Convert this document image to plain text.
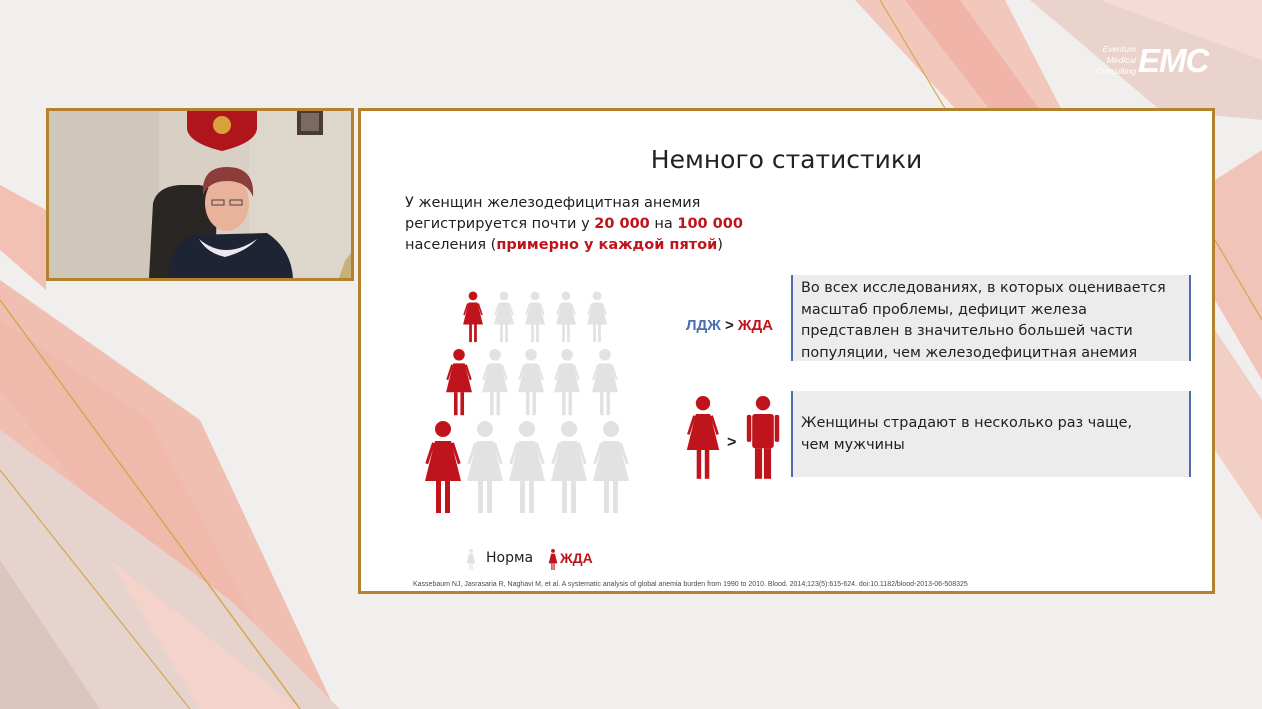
Eventum
Medical
Consulting EMC
Немного статистики
У женщин железодефицитная анемия
регистрируется почти у 20 000 на 100 000
населения (примерно у каждой пятой)
ЛДЖ > ЖДА
Во всех исследованиях, в которых оценивается
масштаб проблемы, дефицит железа
представлен в значительно большей части
популяции, чем железодефицитная анемия
>
Женщины страдают в несколько раз чаще,
чем мужчины
Норма ЖДА
Kassebaum NJ, Jasrasaria R, Naghavi M, et al. A systematic analysis of global anemia burden from 1990 to 2010. Blood. 2014;123(5):615-624. doi:10.1182/blood-2013-06-508325
